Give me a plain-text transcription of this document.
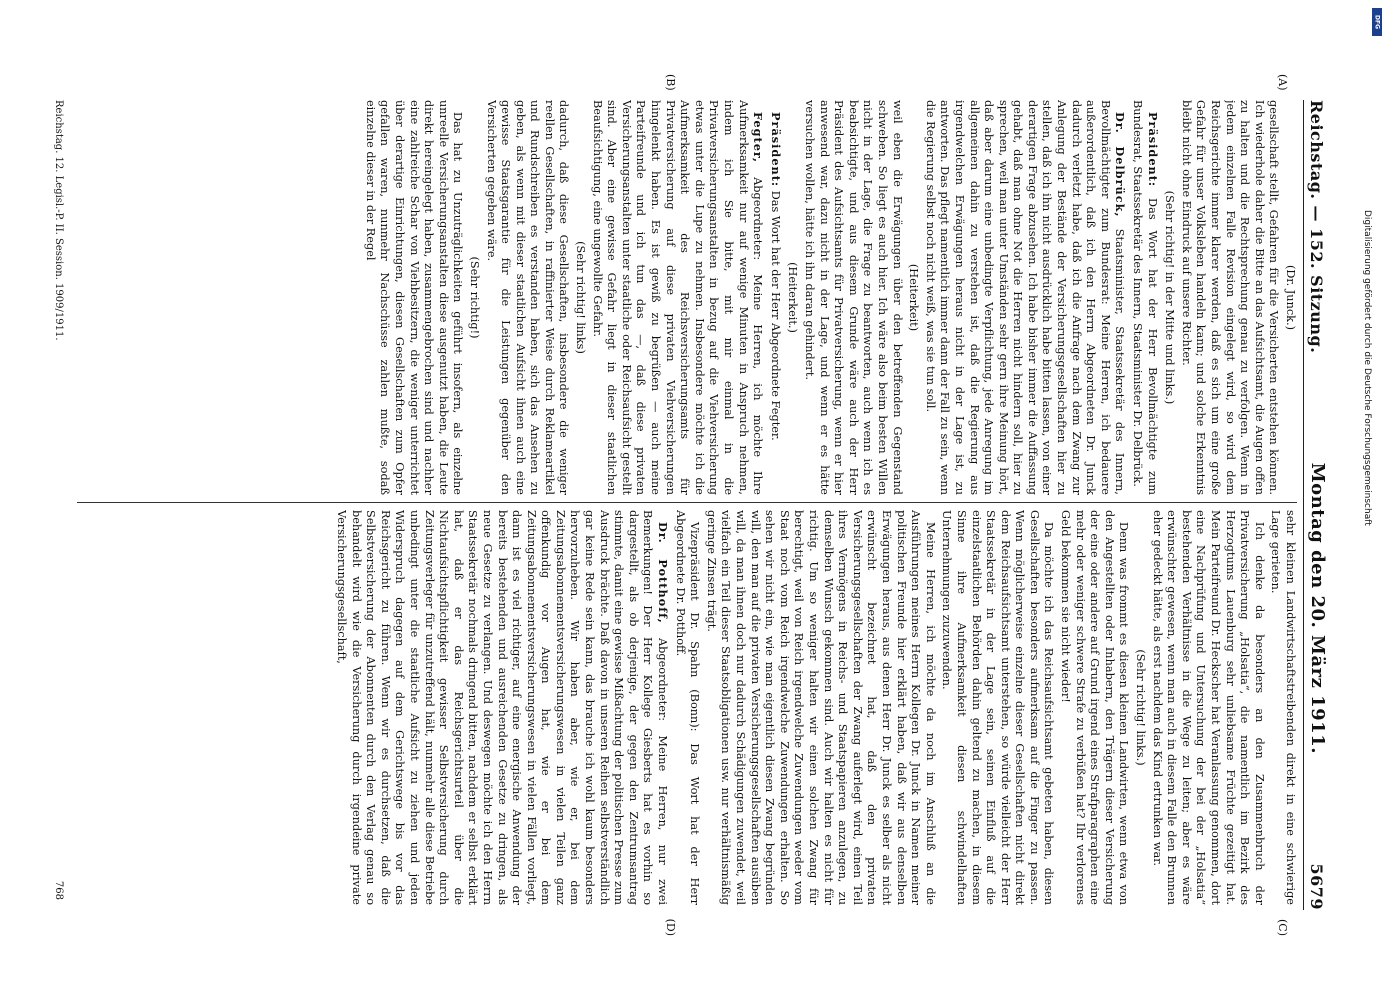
Reichstag. — 152. Sitzung.
Montag den 20. März 1911.
5679
(A)
(B)
(C)
(D)

(Dr. Junck.)

gesellschaft stellt, Gefahren für die Versicherten entstehen können. Ich wiederhole daher die Bitte an das Aufsichtsamt, die Augen offen zu halten und die Rechtsprechung genau zu verfolgen. Wenn in jedem einzelnen Falle Revision eingelegt wird, so wird dem Reichsgerichte immer klarer werden, daß es sich um eine große Gefahr für unser Volksleben handeln kann; und solche Erkenntnis bleibt nicht ohne Eindruck auf unsere Richter.

(Sehr richtig! in der Mitte und links.)

Präsident: Das Wort hat der Herr Bevollmächtigte zum Bundesrat, Staatssekretär des Innern, Staatsminister Dr. Delbrück.

Dr. Delbrück, Staatsminister, Staatssekretär des Innern, Bevollmächtigter zum Bundesrat: Meine Herren, ich bedauere außerordentlich, daß ich den Herrn Abgeordneten Dr. Junck dadurch verletzt habe, daß ich die Anfrage nach dem Zwang zur Anlegung der Bestände der Versicherungsgesellschaften hier zu stellen, daß ich ihn nicht ausdrücklich habe bitten lassen, von einer derartigen Frage abzusehen. Ich habe bisher immer die Auffassung gehabt, daß man ohne Not die Herren nicht hindern soll, hier zu sprechen, weil man unter Umständen sehr gern ihre Meinung hört, daß aber darum eine unbedingte Verpflichtung, jede Anregung im allgemeinen dahin zu verstehen ist, daß die Regierung aus irgendwelchen Erwägungen heraus nicht in der Lage ist, zu antworten. Das pflegt namentlich immer dann der Fall zu sein, wenn die Regierung selbst noch nicht weiß, was sie tun soll.

(Heiterkeit)

weil eben die Erwägungen über den betreffenden Gegenstand schweben. So liegt es auch hier. Ich wäre also beim besten Willen nicht in der Lage, die Frage zu beantworten, auch wenn ich es beabsichtigte, und aus diesem Grunde wäre auch der Herr Präsident des Aufsichtsamts für Privatversicherung, wenn er hier anwesend war, dazu nicht in der Lage, und wenn er es hätte versuchen wollen, hätte ich ihn daran gehindert.

(Heiterkeit.)

Präsident: Das Wort hat der Herr Abgeordnete Fegter.

Fegter, Abgeordneter: Meine Herren, ich möchte Ihre Aufmerksamkeit nur auf wenige Minuten in Anspruch nehmen, indem ich Sie bitte, mit mir einmal in die Privatversicherungsanstalten in bezug auf die Viehversicherung etwas unter die Lupe zu nehmen. Insbesondere möchte ich die Aufmerksamkeit des Reichsversicherungsamts für Privatversicherung auf diese privaten Viehversicherungen hingelenkt haben. Es ist gewiß zu begrüßen — auch meine Parteifreunde und ich tun das —, daß diese privaten Versicherungsanstalten unter staatliche oder Reichsaufsicht gestellt sind. Aber eine gewisse Gefahr liegt in dieser staatlichen Beaufsichtigung, eine ungewollte Gefahr.

(Sehr richtig! links)

dadurch, daß diese Gesellschaften, insbesondere die weniger reellen Gesellschaften, in raffinierter Weise durch Reklameartikel und Rundschreiben es verstanden haben, sich das Ansehen zu geben, als wenn mit dieser staatlichen Aufsicht ihnen auch eine gewisse Staatsgarantie für die Leistungen gegenüber den Versicherten gegeben wäre.

(Sehr richtig!)

Das hat zu Unzuträglichkeiten geführt insofern, als einzelne unreelle Versicherungsanstalten diese ausgenutzt haben, die Leute direkt hereingelegt haben, zusammengebrochen sind und nachher eine zahlreiche Schar von Viehbesitzern, die weniger unterrichtet über derartige Einrichtungen, diesen Gesellschaften zum Opfer gefallen waren, nunmehr Nachschüsse zahlen mußte, sodaß einzelne dieser in der Regel

sehr kleinen Landwirtschaftstreibenden direkt in eine schwierige Lage gerieten.

Ich denke da besonders an den Zusammenbruch der Privatversicherung „Holsatia“, die namentlich im Bezirk des Herzogtums Lauenburg sehr unliebsame Früchte gezeitigt hat. Mein Parteifreund Dr. Heckscher hat Veranlassung genommen, dort eine Nachprüfung und Untersuchung der bei der „Holsatia“ bestehenden Verhältnisse in die Wege zu leiten; aber es wäre erwünschter gewesen, wenn man auch in diesem Falle den Brunnen eher gedeckt hätte, als erst nachdem das Kind ertrunken war.

(Sehr richtig! links.)

Denn was frommt es diesen kleinen Landwirten, wenn etwa von den Angestellten oder Inhabern, den Trägern dieser Versicherung der eine oder andere auf Grund irgend eines Strafparagraphen eine mehr oder weniger schwere Strafe zu verbüßen hat? Ihr verlorenes Geld bekommen sie nicht wieder!

Da möchte ich das Reichsaufsichtsamt gebeten haben, diesen Gesellschaften besonders aufmerksam auf die Finger zu passen. Wenn möglicherweise einzelne dieser Gesellschaften nicht direkt dem Reichsaufsichtsamt unterstehen, so würde vielleicht der Herr Staatssekretär in der Lage sein, seinen Einfluß auf die einzelstaatlichen Behörden dahin geltend zu machen, in diesem Sinne ihre Aufmerksamkeit diesen schwindelhaften Unternehmungen zuzuwenden.

Meine Herren, ich möchte da noch im Anschluß an die Ausführungen meines Herrn Kollegen Dr. Junck in Namen meiner politischen Freunde hier erklärt haben, daß wir aus denselben Erwägungen heraus, aus denen Herr Dr. Junck es selber als nicht erwünscht bezeichnet hat, daß den privaten Versicherungsgesellschaften der Zwang auferlegt wird, einen Teil ihres Vermögens in Reichs- und Staatspapieren anzulegen, zu demselben Wunsch gekommen sind. Auch wir halten es nicht für richtig. Um so weniger halten wir einen solchen Zwang für berechtigt, weil von Reich irgendwelche Zuwendungen weder vom Staat noch vom Reich irgendwelche Zuwendungen erhalten. So sehen wir nicht ein, wie man eigentlich diesen Zwang begründen will, den man auf die privaten Versicherungsgesellschaften ausüben will, da man ihnen doch nur dadurch Schädigungen zuwendet, weil vielfach ein Teil dieser Staatsobligationen usw. nur verhältnismäßig geringe Zinsen trägt.

Vizepräsident Dr. Spahn (Bonn): Das Wort hat der Herr Abgeordnete Dr. Potthoff.

Dr. Potthoff, Abgeordneter: Meine Herren, nur zwei Bemerkungen! Der Herr Kollege Giesberts hat es vorhin so dargestellt, als ob derjenige, der gegen den Zentrumsantrag stimmte, damit eine gewisse Mißachtung der politischen Presse zum Ausdruck brächte. Daß davon in unseren Reihen selbstverständlich gar keine Rede sein kann, das brauche ich wohl kaum besonders hervorzuheben. Wir haben aber, wie er, bei dem Zeitungsabonnementsversicherungswesen in vielen Teilen ganz offenkundig vor Augen hat, wie er bei dem Zeitungsabonnementsversicherungswesen in vielen Fällen vorliegt, dann ist es viel richtiger, auf eine energische Anwendung der bereits bestehenden und ausreichenden Gesetze zu dringen, als neue Gesetze zu verlangen. Und deswegen möchte ich den Herrn Staatssekretär nochmals dringend bitten, nachdem er selbst erklärt hat, daß er das Reichsgerichtsurteil über die Nichtaufsichtspflichtigkeit gewisser Selbstversicherung durch Zeitungsverleger für unzutreffend hält, nunmehr alle diese Betriebe unbedingt unter die staatliche Aufsicht zu ziehen und jeden Widerspruch dagegen auf dem Gerichtswege bis vor das Reichsgericht zu führen. Wenn wir es durchsetzen, daß die Selbstversicherung der Abonnenten durch den Verlag genau so behandelt wird wie die Versicherung durch irgendeine private Versicherungsgesellschaft,

Reichstag. 12. Legisl.-P. II. Session. 1909/1911.
768
DFG
Digitalisierung gefördert durch die Deutsche Forschungsgemeinschaft
